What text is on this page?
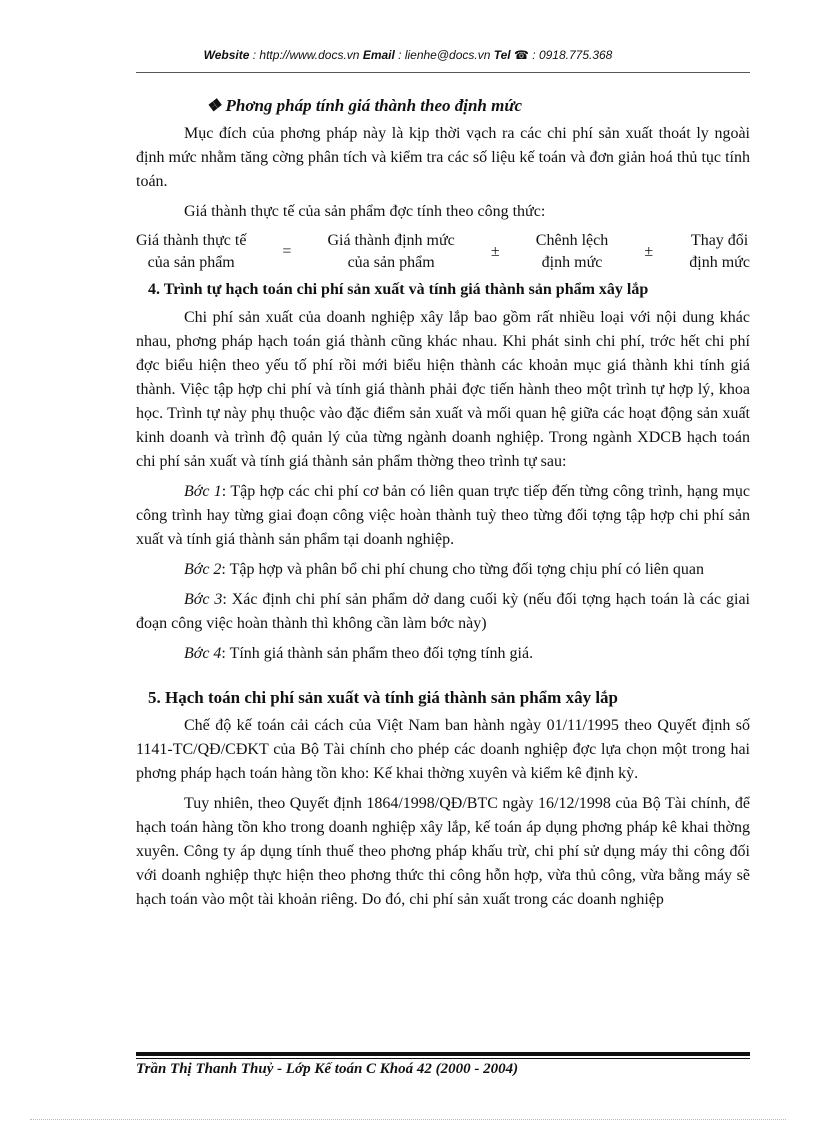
Website : http://www.docs.vn Email : lienhe@docs.vn Tel ☎ : 0918.775.368
❖ Phơng pháp tính giá thành theo định mức

Mục đích của phơng pháp này là kịp thời vạch ra các chi phí sản xuất thoát ly ngoài định mức nhằm tăng cờng phân tích và kiểm tra các số liệu kế toán và đơn giản hoá thủ tục tính toán.

Giá thành thực tế của sản phẩm đợc tính theo công thức:

Giá thành thực tế
của sản phẩm
=
Giá thành định mức
của sản phẩm
±
Chênh lệch
định mức
±
Thay đổi
định mức
4. Trình tự hạch toán chi phí sản xuất và tính giá thành sản phẩm xây lắp

Chi phí sản xuất của doanh nghiệp xây lắp bao gồm rất nhiều loại với nội dung khác nhau, phơng pháp hạch toán giá thành cũng khác nhau. Khi phát sinh chi phí, trớc hết chi phí đợc biểu hiện theo yếu tố phí rồi mới biểu hiện thành các khoản mục giá thành khi tính giá thành. Việc tập hợp chi phí và tính giá thành phải đợc tiến hành theo một trình tự hợp lý, khoa học. Trình tự này phụ thuộc vào đặc điểm sản xuất và mối quan hệ giữa các hoạt động sản xuất kinh doanh và trình độ quản lý của từng ngành doanh nghiệp. Trong ngành XDCB hạch toán chi phí sản xuất và tính giá thành sản phẩm thờng theo trình tự sau:

Bớc 1: Tập hợp các chi phí cơ bản có liên quan trực tiếp đến từng công trình, hạng mục công trình hay từng giai đoạn công việc hoàn thành tuỳ theo từng đối tợng tập hợp chi phí sản xuất và tính giá thành sản phẩm tại doanh nghiệp.

Bớc 2: Tập hợp và phân bổ chi phí chung cho từng đối tợng chịu phí có liên quan

Bớc 3: Xác định chi phí sản phẩm dở dang cuối kỳ (nếu đối tợng hạch toán là các giai đoạn công việc hoàn thành thì không cần làm bớc này)

Bớc 4: Tính giá thành sản phẩm theo đối tợng tính giá.

5. Hạch toán chi phí sản xuất và tính giá thành sản phẩm xây lắp

Chế độ kế toán cải cách của Việt Nam ban hành ngày 01/11/1995 theo Quyết định số 1141-TC/QĐ/CĐKT của Bộ Tài chính cho phép các doanh nghiệp đợc lựa chọn một trong hai phơng pháp hạch toán hàng tồn kho: Kế khai thờng xuyên và kiểm kê định kỳ.

Tuy nhiên, theo Quyết định 1864/1998/QĐ/BTC ngày 16/12/1998 của Bộ Tài chính, để hạch toán hàng tồn kho trong doanh nghiệp xây lắp, kế toán áp dụng phơng pháp kê khai thờng xuyên. Công ty áp dụng tính thuế theo phơng pháp khấu trừ, chi phí sử dụng máy thi công đối với doanh nghiệp thực hiện theo phơng thức thi công hỗn hợp, vừa thủ công, vừa bằng máy sẽ hạch toán vào một tài khoản riêng. Do đó, chi phí sản xuất trong các doanh nghiệp

Trần Thị Thanh Thuỷ - Lớp Kế toán C Khoá 42 (2000 - 2004)
